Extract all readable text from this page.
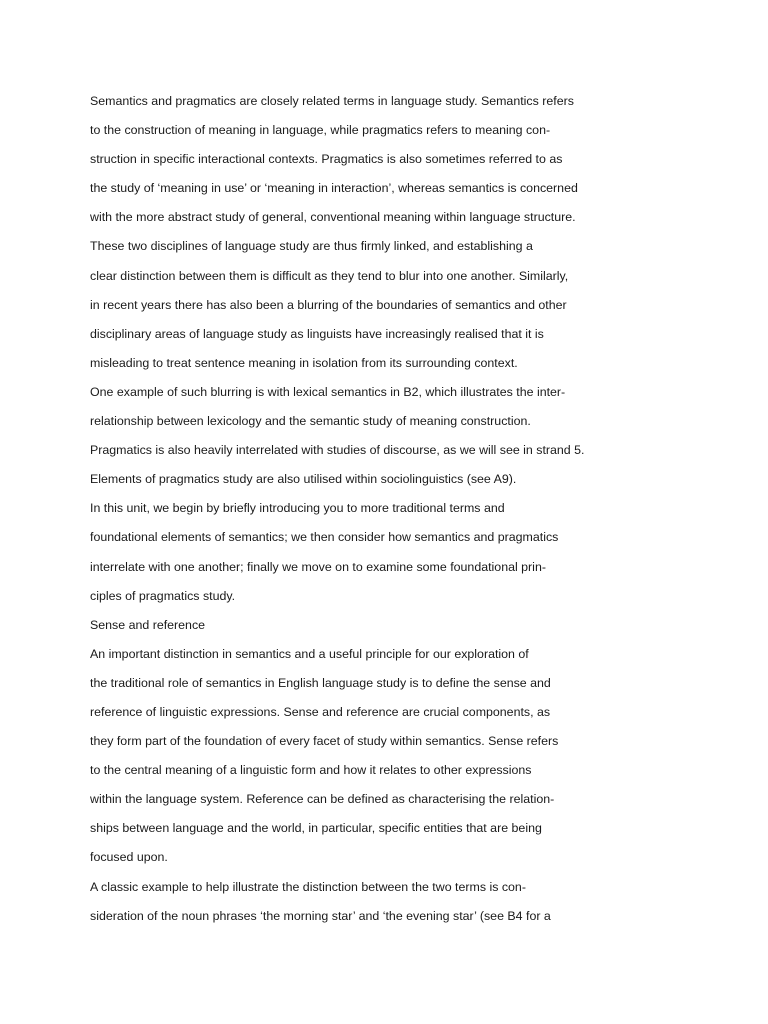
Semantics and pragmatics are closely related terms in language study. Semantics refers
to the construction of meaning in language, while pragmatics refers to meaning con-
struction in specific interactional contexts. Pragmatics is also sometimes referred to as
the study of ‘meaning in use’ or ‘meaning in interaction’, whereas semantics is concerned
with the more abstract study of general, conventional meaning within language structure.
These two disciplines of language study are thus firmly linked, and establishing a
clear distinction between them is difficult as they tend to blur into one another. Similarly,
in recent years there has also been a blurring of the boundaries of semantics and other
disciplinary areas of language study as linguists have increasingly realised that it is
misleading to treat sentence meaning in isolation from its surrounding context.
One example of such blurring is with lexical semantics in B2, which illustrates the inter-
relationship between lexicology and the semantic study of meaning construction.
Pragmatics is also heavily interrelated with studies of discourse, as we will see in strand 5.
Elements of pragmatics study are also utilised within sociolinguistics (see A9).
In this unit, we begin by briefly introducing you to more traditional terms and
foundational elements of semantics; we then consider how semantics and pragmatics
interrelate with one another; finally we move on to examine some foundational prin-
ciples of pragmatics study.
Sense and reference
An important distinction in semantics and a useful principle for our exploration of
the traditional role of semantics in English language study is to define the sense and
reference of linguistic expressions. Sense and reference are crucial components, as
they form part of the foundation of every facet of study within semantics. Sense refers
to the central meaning of a linguistic form and how it relates to other expressions
within the language system. Reference can be defined as characterising the relation-
ships between language and the world, in particular, specific entities that are being
focused upon.
A classic example to help illustrate the distinction between the two terms is con-
sideration of the noun phrases ‘the morning star’ and ‘the evening star’ (see B4 for a
